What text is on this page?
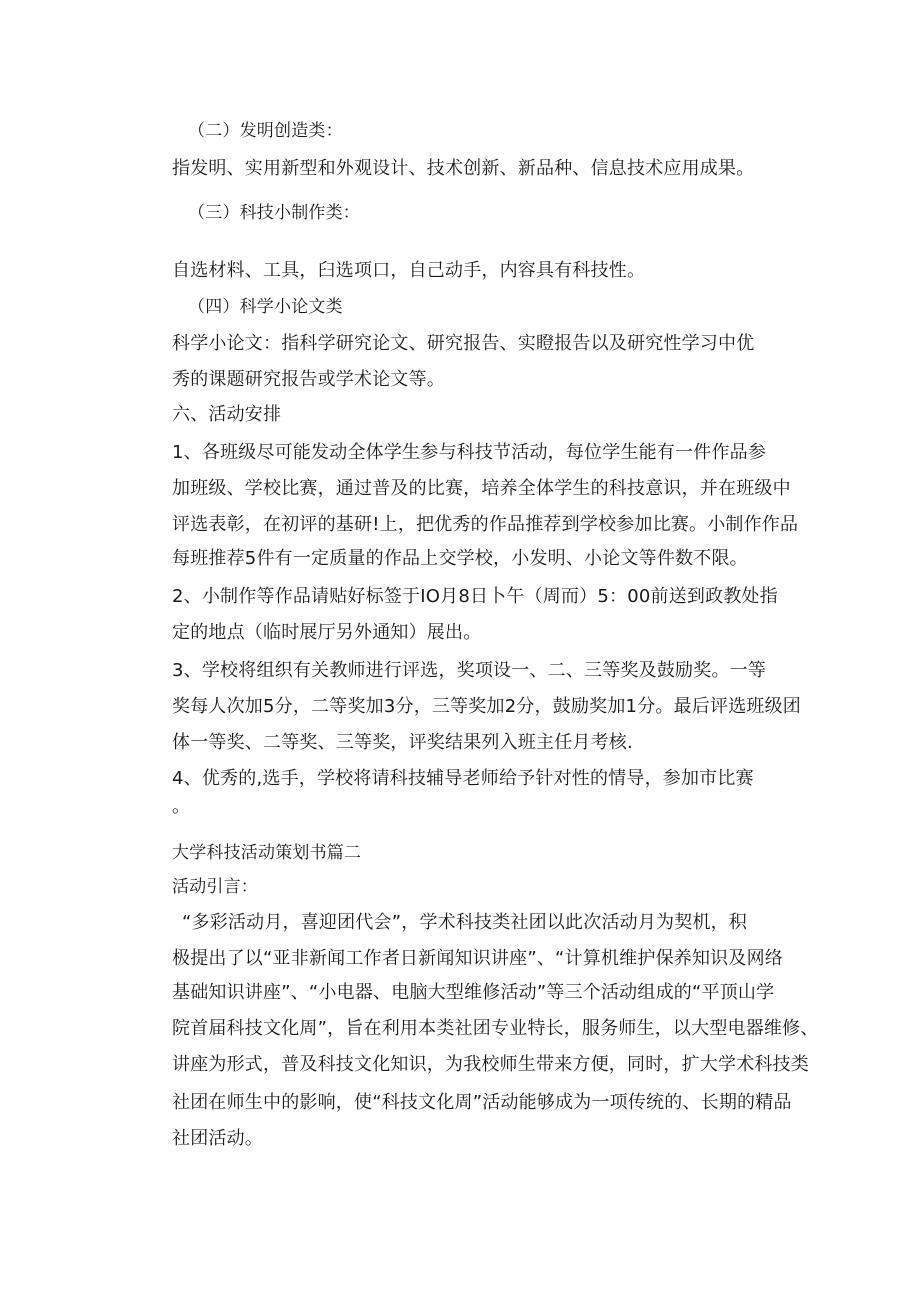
（二）发明创造类：

指发明、实用新型和外观设计、技术创新、新品种、信息技术应用成果。

（三）科技小制作类：

自选材料、工具，臼选项口，自己动手，内容具有科技性。

（四）科学小论文类

科学小论文：指科学研究论文、研究报告、实瞪报告以及研究性学习中优

秀的课题研究报告或学术论文等。

六、活动安排

1、各班级尽可能发动全体学生参与科技节活动，每位学生能有一件作品参

加班级、学校比赛，通过普及的比赛，培养全体学生的科技意识，并在班级中

评选表彰，在初评的基研!上，把优秀的作品推荐到学校参加比赛。小制作作品

每班推荐5件有一定质量的作品上交学校，小发明、小论文等件数不限。

2、小制作等作品请贴好标签于IO月8日卜午（周而）5：00前送到政教处指

定的地点（临时展厅另外通知）展出。

3、学校将组织有关教师进行评选，奖项设一、二、三等奖及鼓励奖。一等

奖每人次加5分，二等奖加3分，三等奖加2分，鼓励奖加1分。最后评选班级团

体一等奖、二等奖、三等奖，评奖结果列入班主任月考核.

4、优秀的,选手，学校将请科技辅导老师给予针对性的情导，参加市比赛

。

大学科技活动策划书篇二

活动引言：

“多彩活动月，喜迎团代会”，学术科技类社团以此次活动月为契机，积

极提出了以“亚非新闻工作者日新闻知识讲座”、“计算机维护保养知识及网络

基础知识讲座”、“小电器、电脑大型维修活动”等三个活动组成的“平顶山学

院首届科技文化周”，旨在利用本类社团专业特长，服务师生，以大型电器维修、

讲座为形式，普及科技文化知识，为我校师生带来方便，同时，扩大学术科技类

社团在师生中的影响，使“科技文化周”活动能够成为一项传统的、长期的精品

社团活动。
